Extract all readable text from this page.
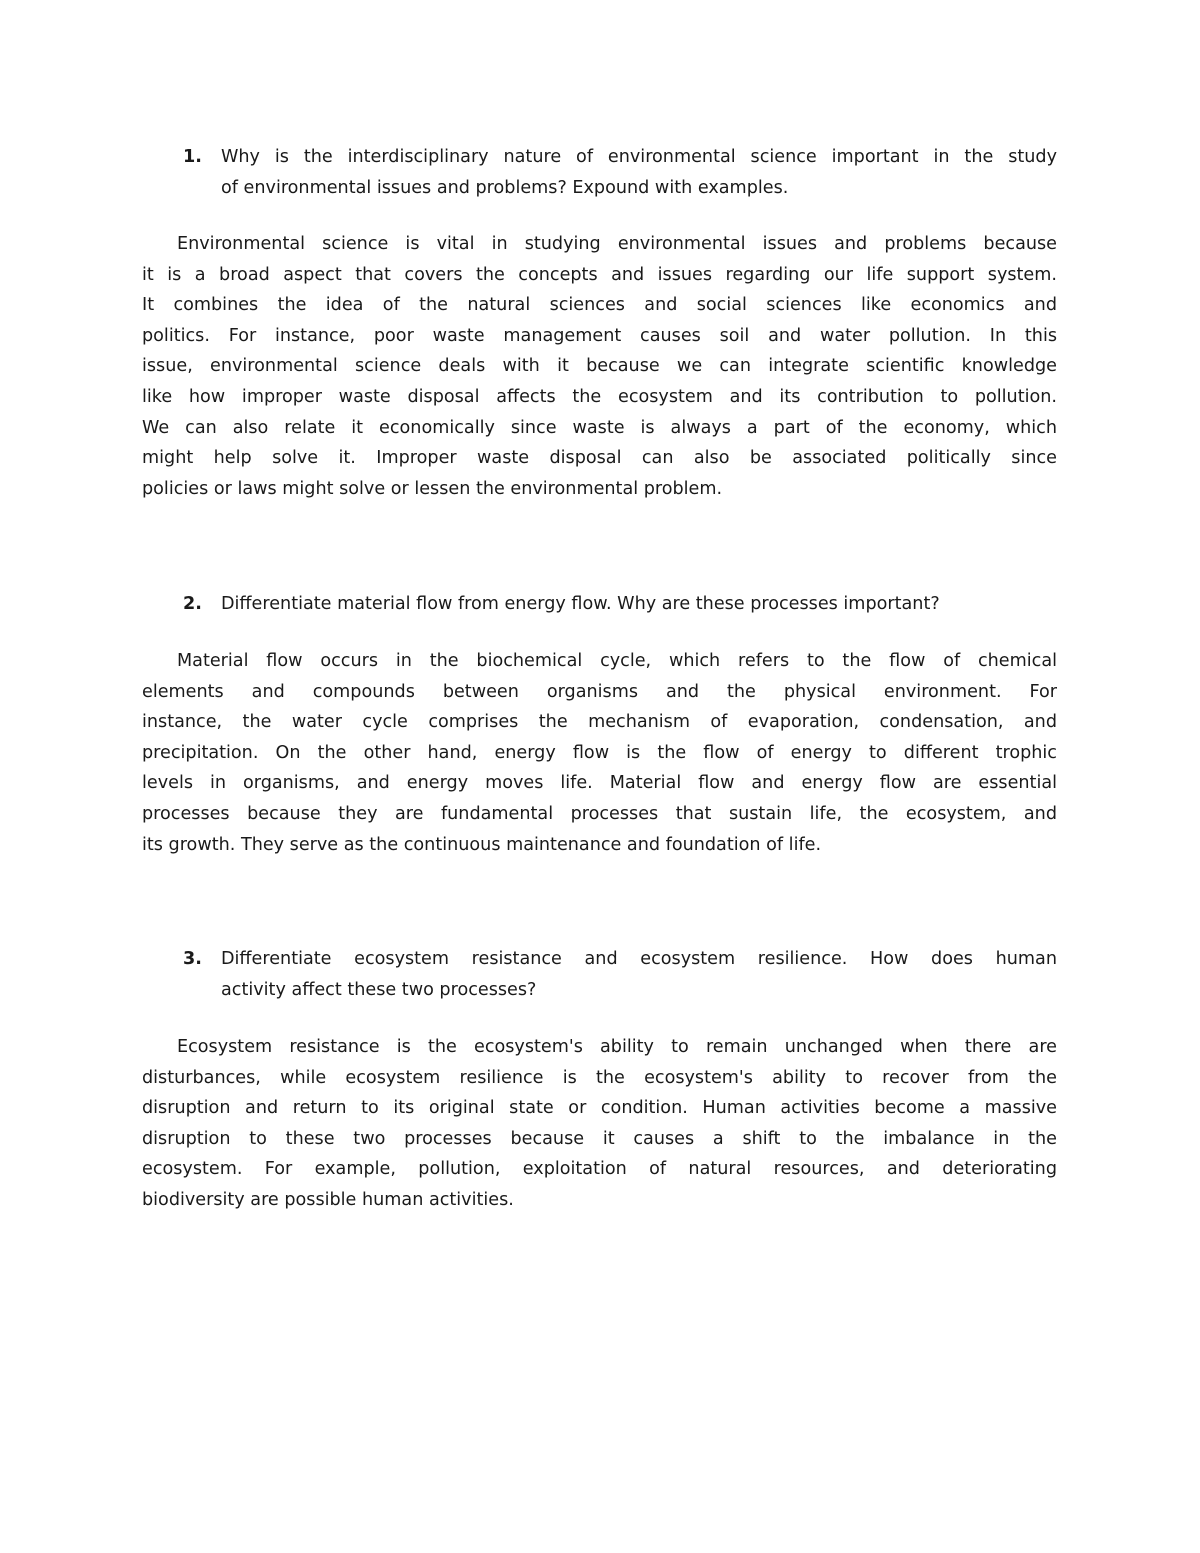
1. Why is the interdisciplinary nature of environmental science important in the study
of environmental issues and problems? Expound with examples.
Environmental science is vital in studying environmental issues and problems because
it is a broad aspect that covers the concepts and issues regarding our life support system.
It combines the idea of the natural sciences and social sciences like economics and
politics. For instance, poor waste management causes soil and water pollution. In this
issue, environmental science deals with it because we can integrate scientific knowledge
like how improper waste disposal affects the ecosystem and its contribution to pollution.
We can also relate it economically since waste is always a part of the economy, which
might help solve it. Improper waste disposal can also be associated politically since
policies or laws might solve or lessen the environmental problem.
2. Differentiate material flow from energy flow. Why are these processes important?
Material flow occurs in the biochemical cycle, which refers to the flow of chemical
elements and compounds between organisms and the physical environment. For
instance, the water cycle comprises the mechanism of evaporation, condensation, and
precipitation. On the other hand, energy flow is the flow of energy to different trophic
levels in organisms, and energy moves life. Material flow and energy flow are essential
processes because they are fundamental processes that sustain life, the ecosystem, and
its growth. They serve as the continuous maintenance and foundation of life.
3. Differentiate ecosystem resistance and ecosystem resilience. How does human
activity affect these two processes?
Ecosystem resistance is the ecosystem's ability to remain unchanged when there are
disturbances, while ecosystem resilience is the ecosystem's ability to recover from the
disruption and return to its original state or condition. Human activities become a massive
disruption to these two processes because it causes a shift to the imbalance in the
ecosystem. For example, pollution, exploitation of natural resources, and deteriorating
biodiversity are possible human activities.
